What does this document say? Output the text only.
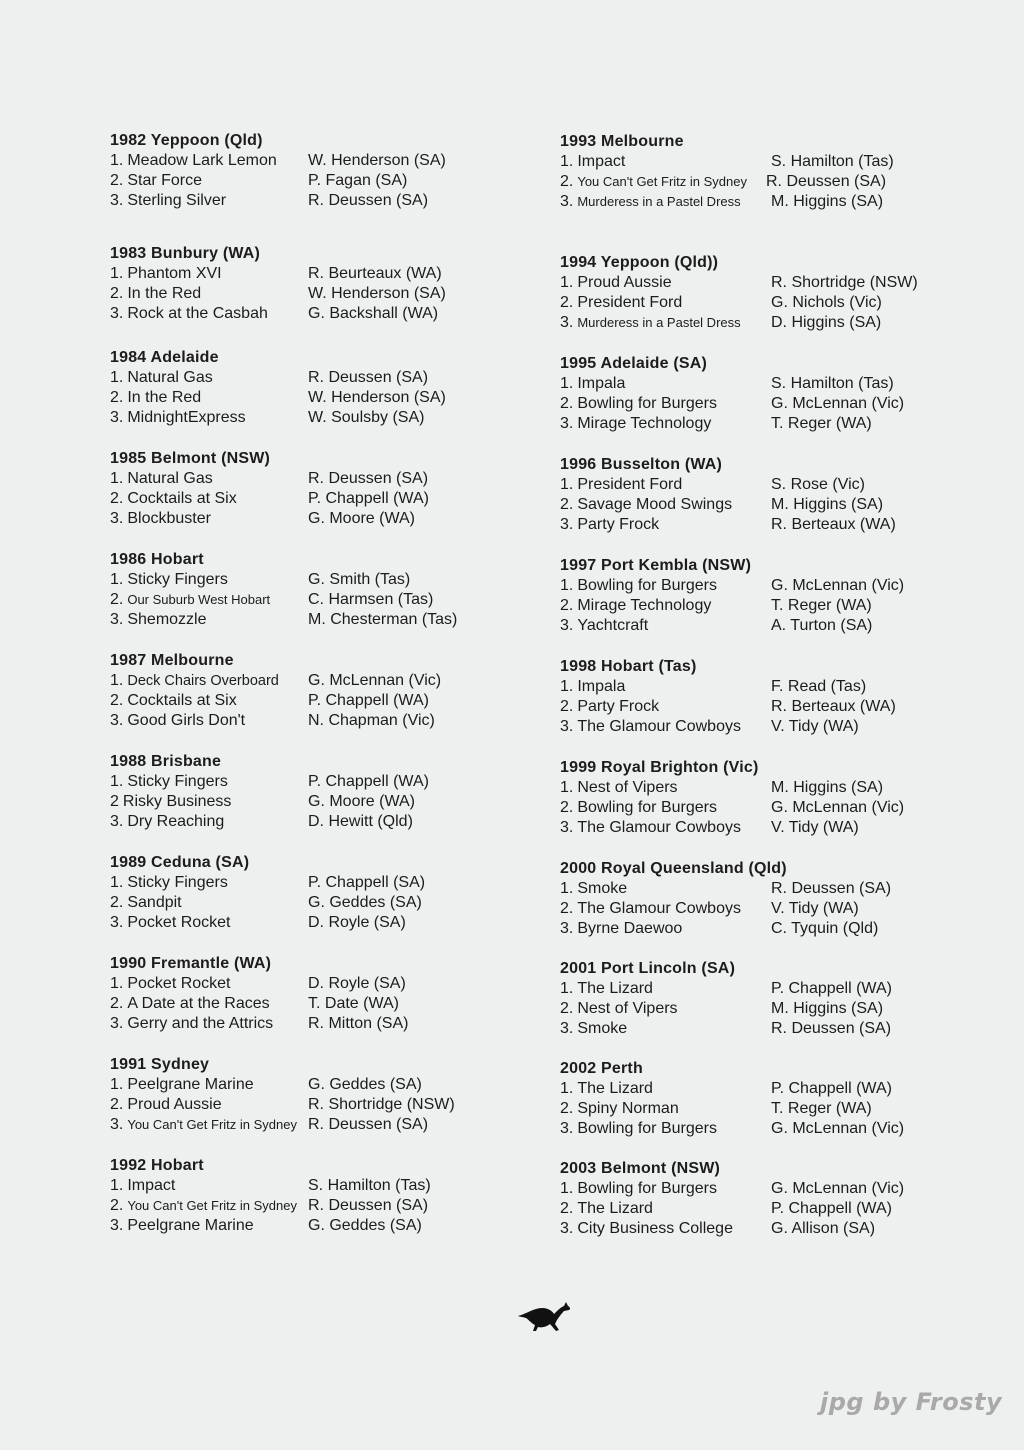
1982 Yeppoon (Qld)
1. Meadow Lark Lemon W. Henderson (SA)
2. Star Force	P. Fagan (SA)
3. Sterling Silver	R. Deussen (SA)
1983 Bunbury (WA)
1. Phantom XVI	R. Beurteaux (WA)
2. In the Red	W. Henderson (SA)
3. Rock at the Casbah	G. Backshall (WA)
1984 Adelaide
1. Natural Gas	R. Deussen (SA)
2. In the Red	W. Henderson (SA)
3. MidnightExpress	W. Soulsby (SA)
1985 Belmont (NSW)
1. Natural Gas	R. Deussen (SA)
2. Cocktails at Six	P. Chappell (WA)
3. Blockbuster	G. Moore (WA)
1986 Hobart
1. Sticky Fingers	G. Smith (Tas)
2. Our Suburb West Hobart C. Harmsen (Tas)
3. Shemozzle	M. Chesterman (Tas)
1987 Melbourne
1. Deck Chairs Overboard G. McLennan (Vic)
2. Cocktails at Six	P. Chappell (WA)
3. Good Girls Don't	N. Chapman (Vic)
1988 Brisbane
1. Sticky Fingers	P. Chappell (WA)
2 Risky Business	G. Moore (WA)
3. Dry Reaching	D. Hewitt (Qld)
1989 Ceduna (SA)
1. Sticky Fingers	P. Chappell (SA)
2. Sandpit	G. Geddes (SA)
3. Pocket Rocket	D. Royle (SA)
1990 Fremantle (WA)
1. Pocket Rocket	D. Royle (SA)
2. A Date at the Races T. Date (WA)
3. Gerry and the Attrics R. Mitton (SA)
1991 Sydney
1. Peelgrane Marine	G. Geddes (SA)
2. Proud Aussie	R. Shortridge (NSW)
3. You Can't Get Fritz in Sydney R. Deussen (SA)
1992 Hobart
1. Impact	S. Hamilton (Tas)
2. You Can't Get Fritz in Sydney R. Deussen (SA)
3. Peelgrane Marine	G. Geddes (SA)
1993 Melbourne
1. Impact	S. Hamilton (Tas)
2. You Can't Get Fritz in Sydney R. Deussen (SA)
3. Murderess in a Pastel Dress M. Higgins (SA)
1994 Yeppoon (Qld))
1. Proud Aussie	R. Shortridge (NSW)
2. President Ford	G. Nichols (Vic)
3. Murderess in a Pastel Dress D. Higgins (SA)
1995 Adelaide (SA)
1. Impala	S. Hamilton (Tas)
2. Bowling for Burgers	G. McLennan (Vic)
3. Mirage Technology	T. Reger (WA)
1996 Busselton (WA)
1. President Ford	S. Rose (Vic)
2. Savage Mood Swings M. Higgins (SA)
3. Party Frock	R. Berteaux (WA)
1997 Port Kembla (NSW)
1. Bowling for Burgers	G. McLennan (Vic)
2. Mirage Technology	T. Reger (WA)
3. Yachtcraft	A. Turton (SA)
1998 Hobart (Tas)
1. Impala	F. Read (Tas)
2. Party Frock	R. Berteaux (WA)
3. The Glamour Cowboys V. Tidy (WA)
1999 Royal Brighton (Vic)
1. Nest of Vipers	M. Higgins (SA)
2. Bowling for Burgers	G. McLennan (Vic)
3. The Glamour Cowboys V. Tidy (WA)
2000 Royal Queensland (Qld)
1. Smoke	R. Deussen (SA)
2. The Glamour Cowboys V. Tidy (WA)
3. Byrne Daewoo	C. Tyquin (Qld)
2001 Port Lincoln (SA)
1. The Lizard	P. Chappell (WA)
2. Nest of Vipers	M. Higgins (SA)
3. Smoke	R. Deussen (SA)
2002 Perth
1. The Lizard	P. Chappell (WA)
2. Spiny Norman	T. Reger (WA)
3. Bowling for Burgers	G. McLennan (Vic)
2003 Belmont (NSW)
1. Bowling for Burgers	G. McLennan (Vic)
2. The Lizard	P. Chappell (WA)
3. City Business College G. Allison (SA)
jpg by Frosty
